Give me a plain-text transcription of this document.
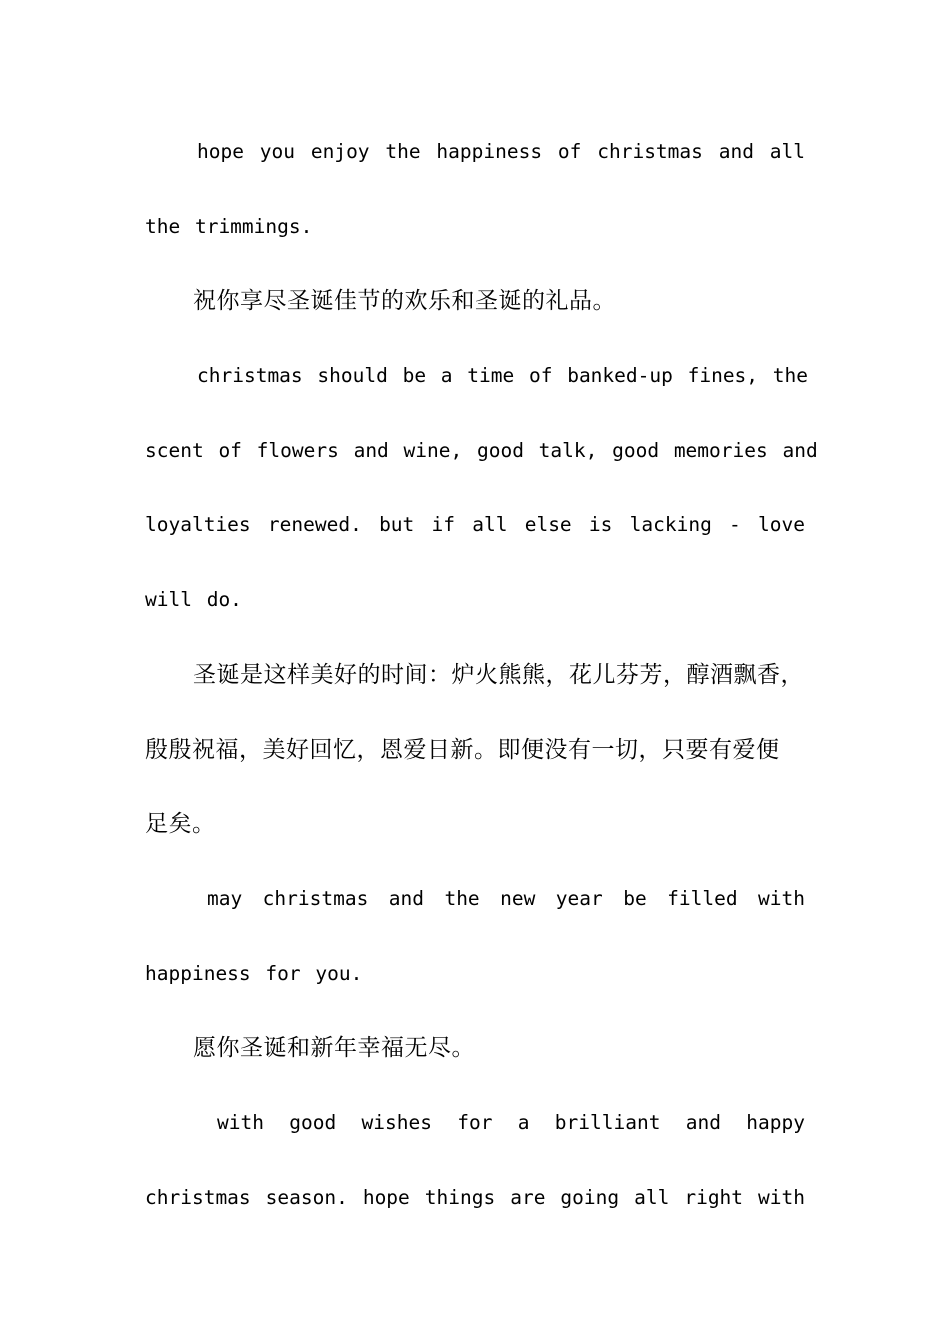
hope you enjoy the happiness of christmas and all
the trimmings.

祝你享尽圣诞佳节的欢乐和圣诞的礼品。

christmas should be a time of banked-up fines, the
scent of flowers and wine, good talk, good memories and
loyalties renewed. but if all else is lacking - love
will do.

圣诞是这样美好的时间：炉火熊熊，花儿芬芳，醇酒飘香，
殷殷祝福，美好回忆，恩爱日新。即便没有一切，只要有爱便
足矣。

may christmas and the new year be filled with
happiness for you.

愿你圣诞和新年幸福无尽。

with good wishes for a brilliant and happy
christmas season. hope things are going all right with
